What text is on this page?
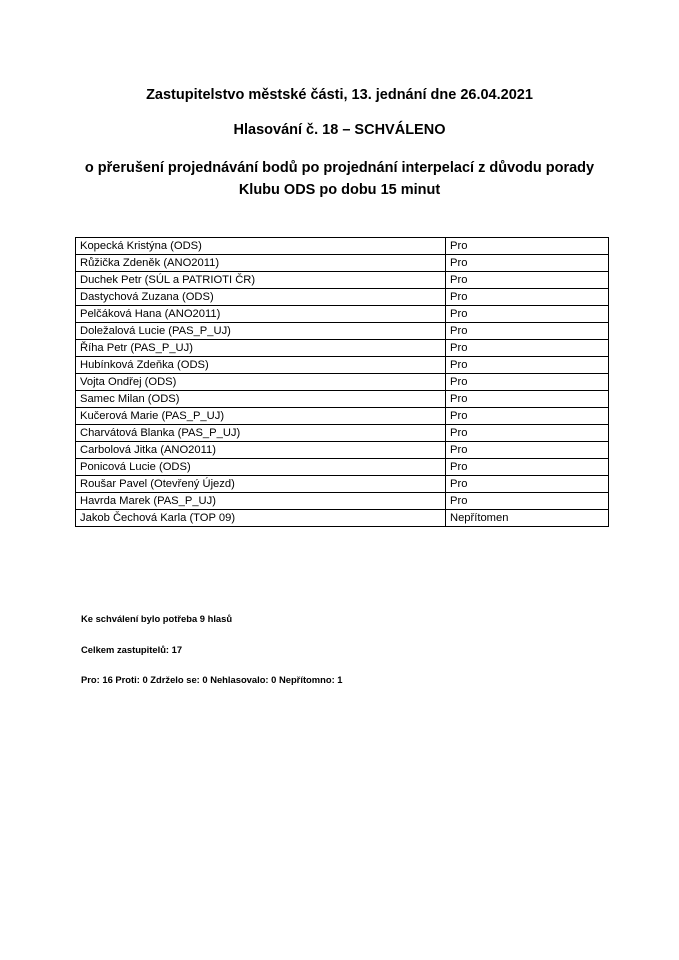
Zastupitelstvo městské části, 13. jednání dne 26.04.2021
Hlasování č. 18 – SCHVÁLENO
o přerušení projednávání bodů po projednání interpelací z důvodu porady Klubu ODS po dobu 15 minut
Kopecká Kristýna (ODS)	Pro
Růžička Zdeněk (ANO2011)	Pro
Duchek Petr (SÚL a PATRIOTI ČR)	Pro
Dastychová Zuzana (ODS)	Pro
Pelčáková Hana (ANO2011)	Pro
Doležalová Lucie (PAS_P_UJ)	Pro
Říha Petr (PAS_P_UJ)	Pro
Hubínková Zdeňka (ODS)	Pro
Vojta Ondřej (ODS)	Pro
Samec Milan (ODS)	Pro
Kučerová Marie (PAS_P_UJ)	Pro
Charvátová Blanka (PAS_P_UJ)	Pro
Carbolová Jitka (ANO2011)	Pro
Ponicová Lucie (ODS)	Pro
Roušar Pavel (Otevřený Újezd)	Pro
Havrda Marek (PAS_P_UJ)	Pro
Jakob Čechová Karla (TOP 09)	Nepřítomen

Ke schválení bylo potřeba 9 hlasů

Celkem zastupitelů: 17

Pro: 16 Proti: 0 Zdrželo se: 0 Nehlasovalo: 0 Nepřítomno: 1
